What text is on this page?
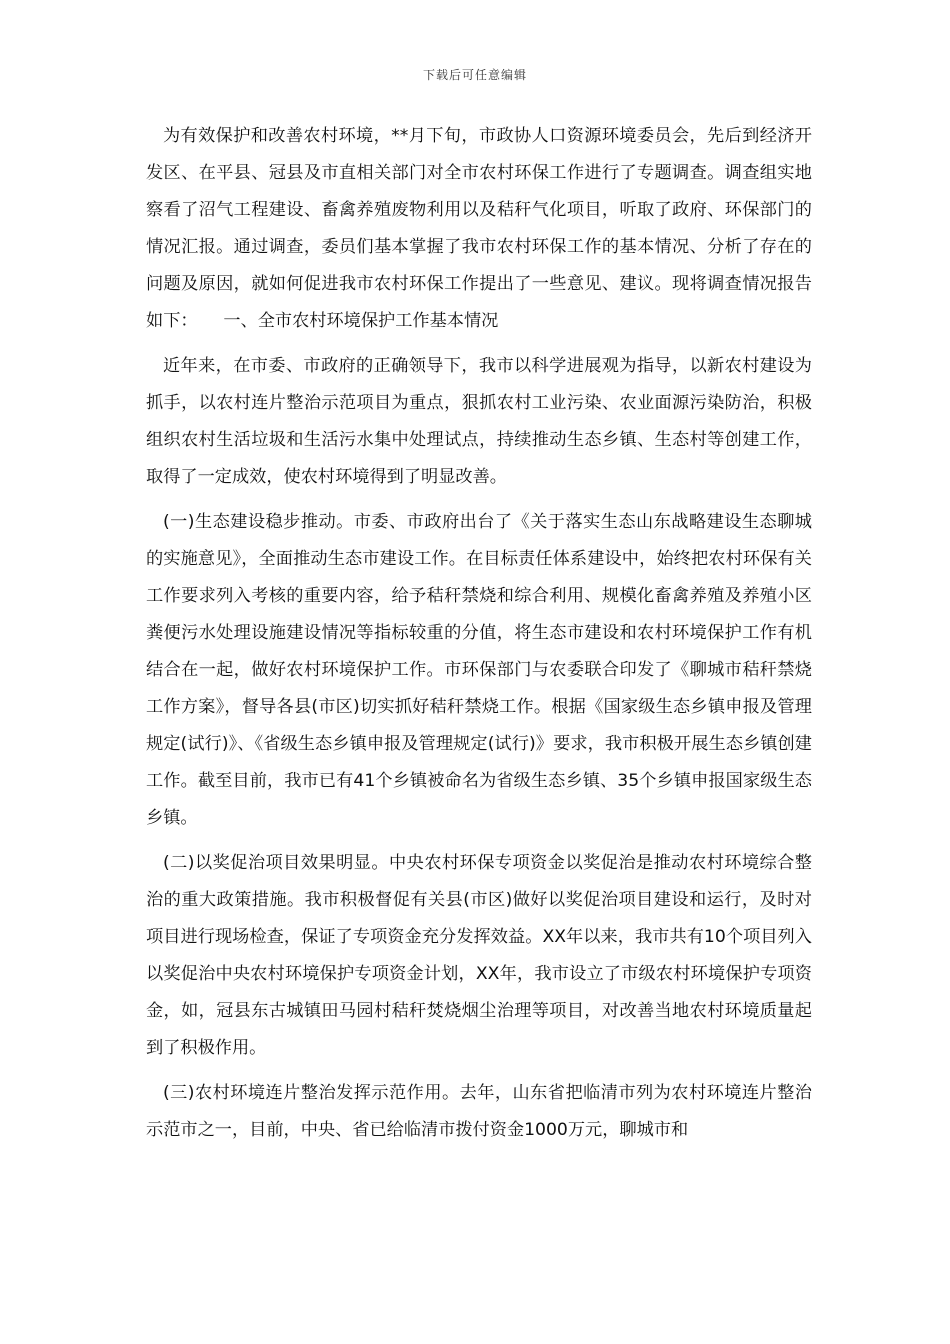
下载后可任意编辑

为有效保护和改善农村环境，**月下旬，市政协人口资源环境委员会，先后到经济开发区、在平县、冠县及市直相关部门对全市农村环保工作进行了专题调查。调查组实地察看了沼气工程建设、畜禽养殖废物利用以及秸秆气化项目，听取了政府、环保部门的情况汇报。通过调查，委员们基本掌握了我市农村环保工作的基本情况、分析了存在的问题及原因，就如何促进我市农村环保工作提出了一些意见、建议。现将调查情况报告如下：　　一、全市农村环境保护工作基本情况

近年来，在市委、市政府的正确领导下，我市以科学进展观为指导，以新农村建设为抓手，以农村连片整治示范项目为重点，狠抓农村工业污染、农业面源污染防治，积极组织农村生活垃圾和生活污水集中处理试点，持续推动生态乡镇、生态村等创建工作，取得了一定成效，使农村环境得到了明显改善。

(一)生态建设稳步推动。市委、市政府出台了《关于落实生态山东战略建设生态聊城的实施意见》，全面推动生态市建设工作。在目标责任体系建设中，始终把农村环保有关工作要求列入考核的重要内容，给予秸秆禁烧和综合利用、规模化畜禽养殖及养殖小区粪便污水处理设施建设情况等指标较重的分值，将生态市建设和农村环境保护工作有机结合在一起，做好农村环境保护工作。市环保部门与农委联合印发了《聊城市秸秆禁烧工作方案》，督导各县(市区)切实抓好秸秆禁烧工作。根据《国家级生态乡镇申报及管理规定(试行)》、《省级生态乡镇申报及管理规定(试行)》要求，我市积极开展生态乡镇创建工作。截至目前，我市已有41个乡镇被命名为省级生态乡镇、35个乡镇申报国家级生态乡镇。

(二)以奖促治项目效果明显。中央农村环保专项资金以奖促治是推动农村环境综合整治的重大政策措施。我市积极督促有关县(市区)做好以奖促治项目建设和运行，及时对项目进行现场检查，保证了专项资金充分发挥效益。XX年以来，我市共有10个项目列入以奖促治中央农村环境保护专项资金计划，XX年，我市设立了市级农村环境保护专项资金，如，冠县东古城镇田马园村秸秆焚烧烟尘治理等项目，对改善当地农村环境质量起到了积极作用。

(三)农村环境连片整治发挥示范作用。去年，山东省把临清市列为农村环境连片整治示范市之一，目前，中央、省已给临清市拨付资金1000万元，聊城市和
